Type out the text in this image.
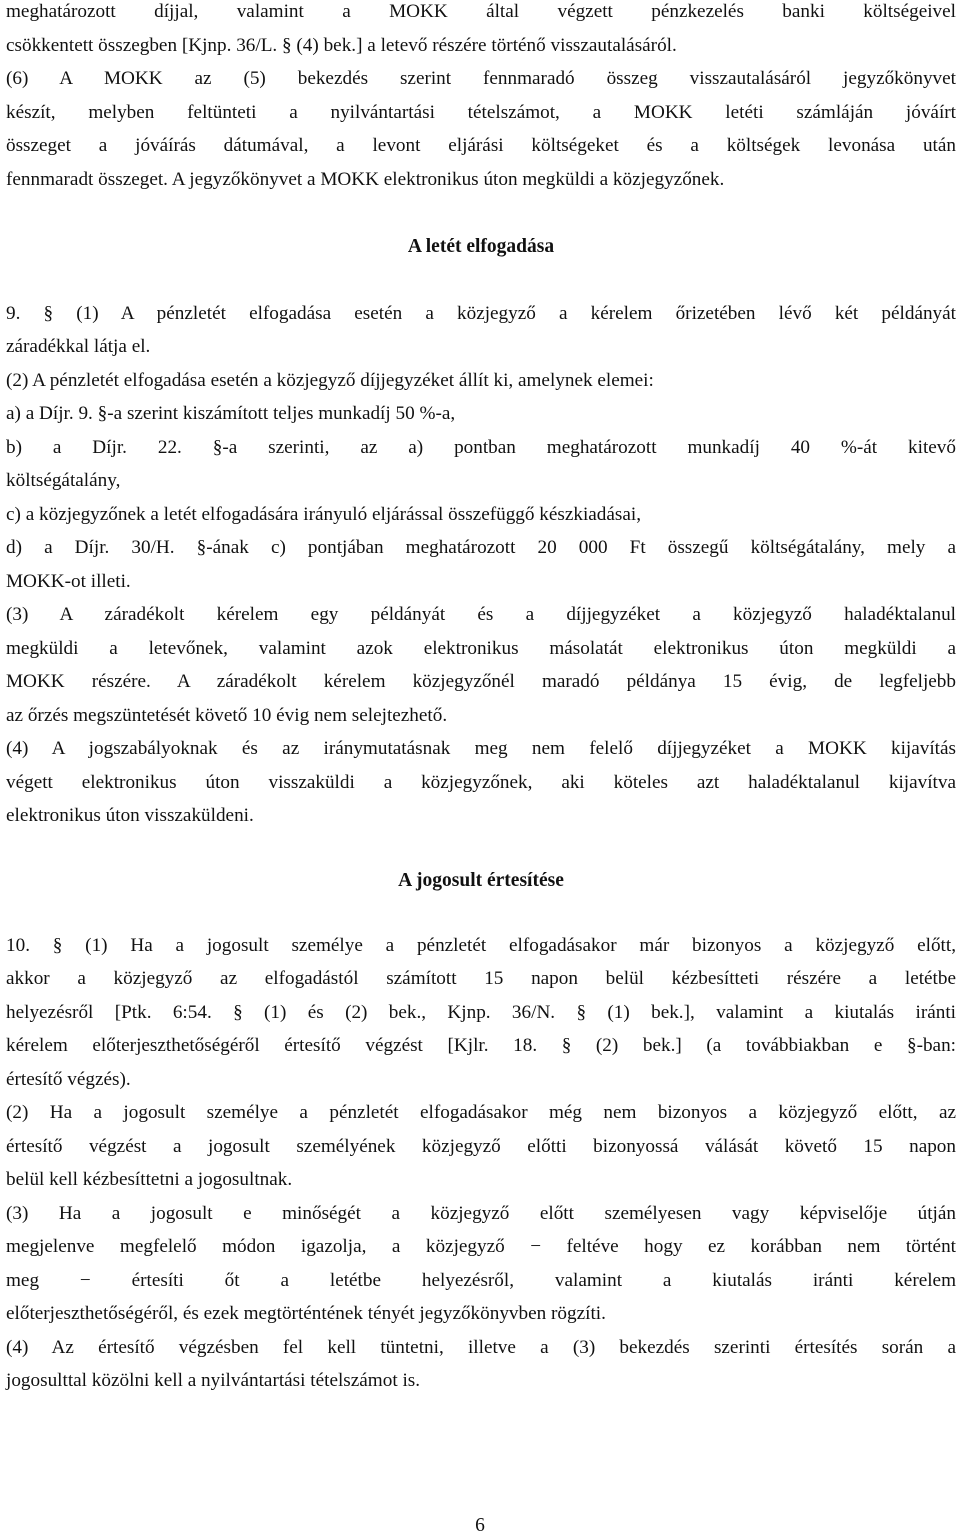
meghatározott díjjal, valamint a MOKK által végzett pénzkezelés banki költségeivel
csökkentett összegben [Kjnp. 36/L. § (4) bek.] a letevő részére történő visszautalásáról.
(6) A MOKK az (5) bekezdés szerint fennmaradó összeg visszautalásáról jegyzőkönyvet
készít, melyben feltünteti a nyilvántartási tételszámot, a MOKK letéti számláján jóváírt
összeget a jóváírás dátumával, a levont eljárási költségeket és a költségek levonása után
fennmaradt összeget. A jegyzőkönyvet a MOKK elektronikus úton megküldi a közjegyzőnek.
A letét elfogadása
9. § (1) A pénzletét elfogadása esetén a közjegyző a kérelem őrizetében lévő két példányát
záradékkal látja el.
(2) A pénzletét elfogadása esetén a közjegyző díjjegyzéket állít ki, amelynek elemei:
a) a Díjr. 9. §-a szerint kiszámított teljes munkadíj 50 %-a,
b) a Díjr. 22. §-a szerinti, az a) pontban meghatározott munkadíj 40 %-át kitevő
költségátalány,
c) a közjegyzőnek a letét elfogadására irányuló eljárással összefüggő készkiadásai,
d) a Díjr. 30/H. §-ának c) pontjában meghatározott 20 000 Ft összegű költségátalány, mely a
MOKK-ot illeti.
(3) A záradékolt kérelem egy példányát és a díjjegyzéket a közjegyző haladéktalanul
megküldi a letevőnek, valamint azok elektronikus másolatát elektronikus úton megküldi a
MOKK részére. A záradékolt kérelem közjegyzőnél maradó példánya 15 évig, de legfeljebb
az őrzés megszüntetését követő 10 évig nem selejtezhető.
(4) A jogszabályoknak és az iránymutatásnak meg nem felelő díjjegyzéket a MOKK kijavítás
végett elektronikus úton visszaküldi a közjegyzőnek, aki köteles azt haladéktalanul kijavítva
elektronikus úton visszaküldeni.
A jogosult értesítése
10. § (1) Ha a jogosult személye a pénzletét elfogadásakor már bizonyos a közjegyző előtt,
akkor a közjegyző az elfogadástól számított 15 napon belül kézbesítteti részére a letétbe
helyezésről [Ptk. 6:54. § (1) és (2) bek., Kjnp. 36/N. § (1) bek.], valamint a kiutalás iránti
kérelem előterjeszthetőségéről értesítő végzést [Kjlr. 18. § (2) bek.] (a továbbiakban e §-ban:
értesítő végzés).
(2) Ha a jogosult személye a pénzletét elfogadásakor még nem bizonyos a közjegyző előtt, az
értesítő végzést a jogosult személyének közjegyző előtti bizonyossá válását követő 15 napon
belül kell kézbesíttetni a jogosultnak.
(3) Ha a jogosult e minőségét a közjegyző előtt személyesen vagy képviselője útján
megjelenve megfelelő módon igazolja, a közjegyző − feltéve hogy ez korábban nem történt
meg − értesíti őt a letétbe helyezésről, valamint a kiutalás iránti kérelem
előterjeszthetőségéről, és ezek megtörténtének tényét jegyzőkönyvben rögzíti.
(4) Az értesítő végzésben fel kell tüntetni, illetve a (3) bekezdés szerinti értesítés során a
jogosulttal közölni kell a nyilvántartási tételszámot is.
6
